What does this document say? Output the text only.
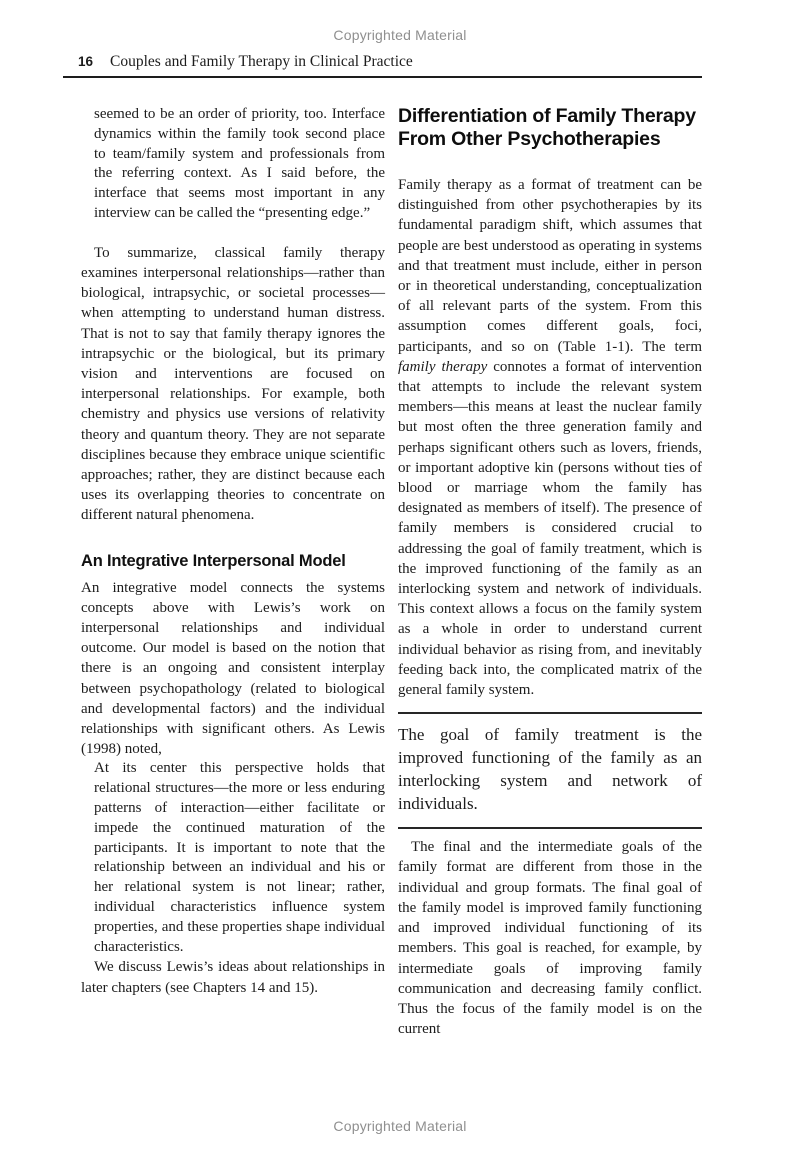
Copyrighted Material
16 Couples and Family Therapy in Clinical Practice

seemed to be an order of priority, too. Interface dynamics within the family took second place to team/family system and professionals from the referring context. As I said before, the interface that seems most important in any interview can be called the “presenting edge.”

To summarize, classical family therapy examines interpersonal relationships—rather than biological, intrapsychic, or societal processes—when attempting to understand human distress. That is not to say that family therapy ignores the intrapsychic or the biological, but its primary vision and interventions are focused on interpersonal relationships. For example, both chemistry and physics use versions of relativity theory and quantum theory. They are not separate disciplines because they embrace unique scientific approaches; rather, they are distinct because each uses its overlapping theories to concentrate on different natural phenomena.

An Integrative Interpersonal Model

An integrative model connects the systems concepts above with Lewis’s work on interpersonal relationships and individual outcome. Our model is based on the notion that there is an ongoing and consistent interplay between psychopathology (related to biological and developmental factors) and the individual relationships with significant others. As Lewis (1998) noted,

At its center this perspective holds that relational structures—the more or less enduring patterns of interaction—either facilitate or impede the continued maturation of the participants. It is important to note that the relationship between an individual and his or her relational system is not linear; rather, individual characteristics influence system properties, and these properties shape individual characteristics.

We discuss Lewis’s ideas about relationships in later chapters (see Chapters 14 and 15).

Differentiation of Family Therapy From Other Psychotherapies

Family therapy as a format of treatment can be distinguished from other psychotherapies by its fundamental paradigm shift, which assumes that people are best understood as operating in systems and that treatment must include, either in person or in theoretical understanding, conceptualization of all relevant parts of the system. From this assumption comes different goals, foci, participants, and so on (Table 1-1). The term family therapy connotes a format of intervention that attempts to include the relevant system members—this means at least the nuclear family but most often the three generation family and perhaps significant others such as lovers, friends, or important adoptive kin (persons without ties of blood or marriage whom the family has designated as members of itself). The presence of family members is considered crucial to addressing the goal of family treatment, which is the improved functioning of the family as an interlocking system and network of individuals. This context allows a focus on the family system as a whole in order to understand current individual behavior as rising from, and inevitably feeding back into, the complicated matrix of the general family system.

The goal of family treatment is the improved functioning of the family as an interlocking system and network of individuals.

The final and the intermediate goals of the family format are different from those in the individual and group formats. The final goal of the family model is improved family functioning and improved individual functioning of its members. This goal is reached, for example, by intermediate goals of improving family communication and decreasing family conflict. Thus the focus of the family model is on the current

Copyrighted Material
